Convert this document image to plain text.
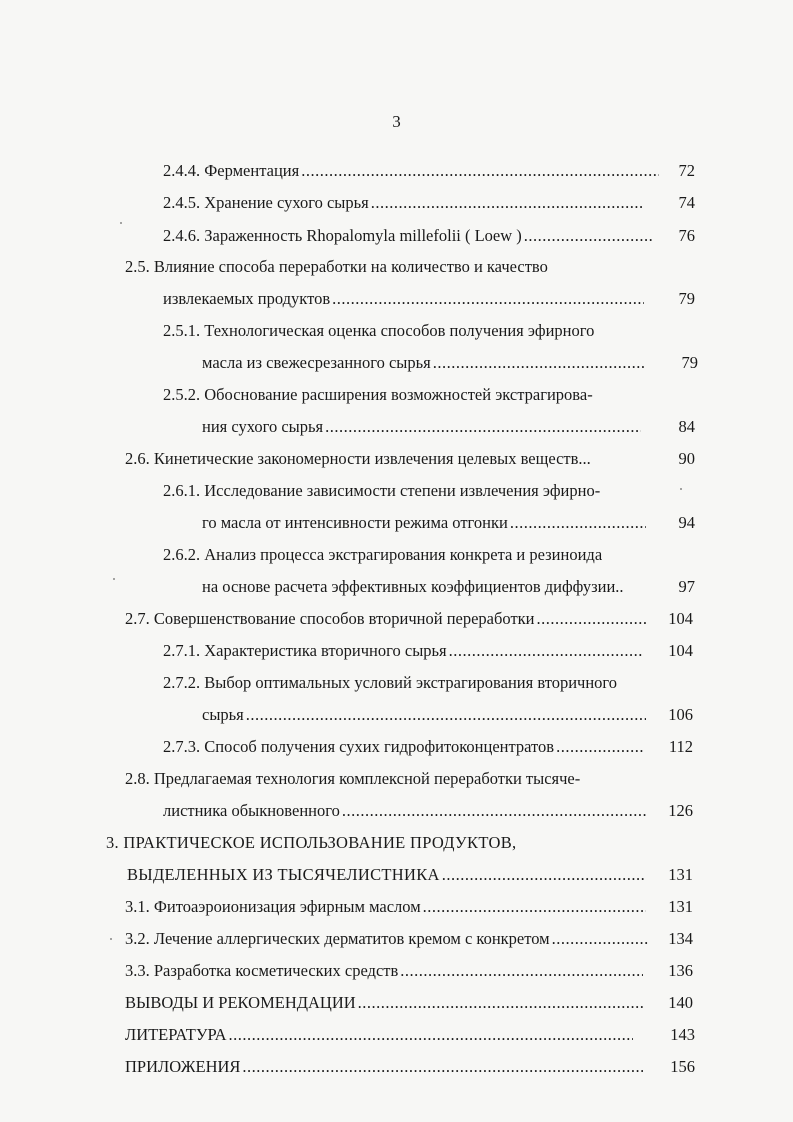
3
2.4.4. Ферментация .....	72
2.4.5. Хранение сухого сырья .....	74
2.4.6. Зараженность Rhopalomyla millefolii ( Loew ) .....	76
2.5. Влияние способа переработки на количество и качество
извлекаемых продуктов .....	79
2.5.1. Технологическая оценка способов получения эфирного
масла из свежесрезанного сырья .....	79
2.5.2. Обоснование расширения возможностей экстрагирова-
ния сухого сырья .....	84
2.6. Кинетические закономерности извлечения целевых веществ...	90
2.6.1. Исследование зависимости степени извлечения эфирно-
го масла от интенсивности режима отгонки .....	94
2.6.2. Анализ процесса экстрагирования конкрета и резиноида
на основе расчета эффективных коэффициентов диффузии..	97
2.7. Совершенствование способов вторичной переработки .....	104
2.7.1. Характеристика вторичного сырья .....	104
2.7.2. Выбор оптимальных условий экстрагирования вторичного
сырья .....	106
2.7.3. Способ получения сухих гидрофитоконцентратов .....	112
2.8. Предлагаемая технология комплексной переработки тысяче-
листника обыкновенного .....	126
3. ПРАКТИЧЕСКОЕ ИСПОЛЬЗОВАНИЕ ПРОДУКТОВ,
ВЫДЕЛЕННЫХ ИЗ ТЫСЯЧЕЛИСТНИКА .....	131
3.1. Фитоаэроионизация эфирным маслом .....	131
3.2. Лечение аллергических дерматитов кремом с конкретом .....	134
3.3. Разработка косметических средств .....	136
ВЫВОДЫ И РЕКОМЕНДАЦИИ .....	140
ЛИТЕРАТУРА .....	143
ПРИЛОЖЕНИЯ .....	156
